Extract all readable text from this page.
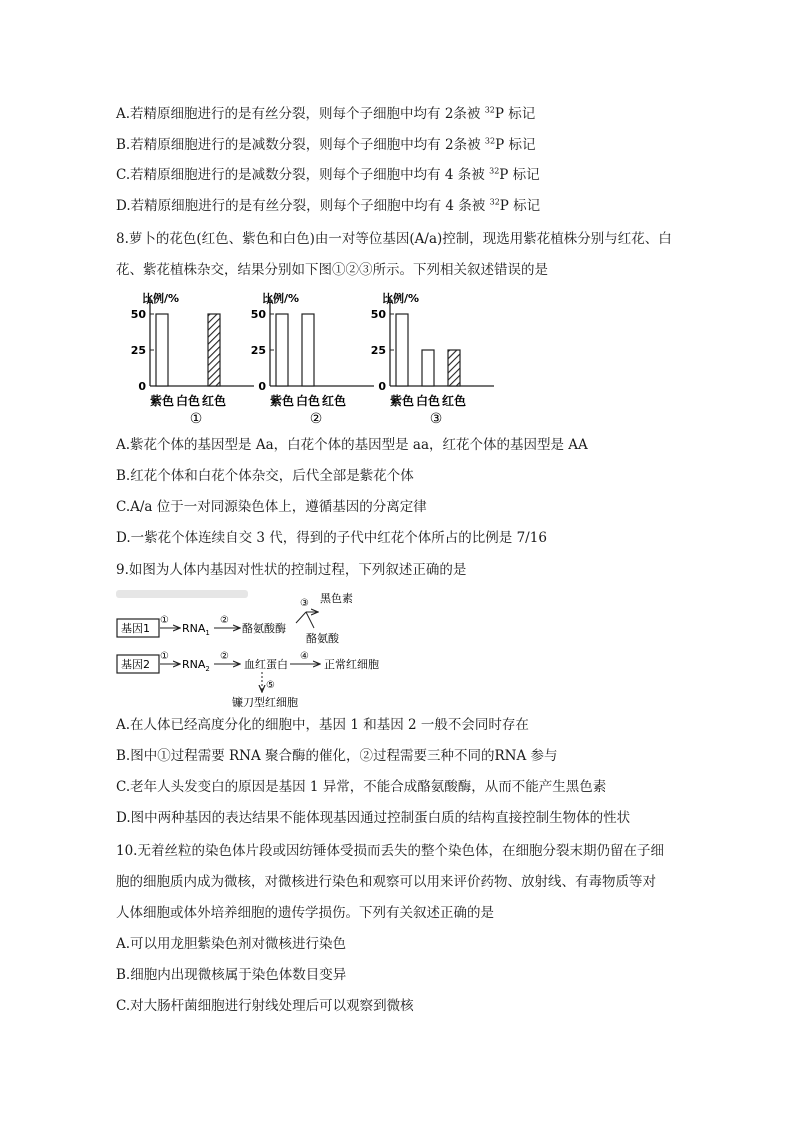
A.若精原细胞进行的是有丝分裂，则每个子细胞中均有 2条被 $^{32}$P 标记
B.若精原细胞进行的是减数分裂，则每个子细胞中均有 2条被 $^{32}$P 标记
C.若精原细胞进行的是减数分裂，则每个子细胞中均有 4 条被 $^{32}$P 标记
D.若精原细胞进行的是有丝分裂，则每个子细胞中均有 4 条被 $^{32}$P 标记
8.萝卜的花色(红色、紫色和白色)由一对等位基因(A/a)控制，现选用紫花植株分别与红花、白
花、紫花植株杂交，结果分别如下图①②③所示。下列相关叙述错误的是
比例/%
50
25
0
紫色 白色 红色
①
比例/%
50
25
0
紫色 白色 红色
②
比例/%
50
25
0
紫色 白色 红色
③
A.紫花个体的基因型是 Aa，白花个体的基因型是 aa，红花个体的基因型是 AA
B.红花个体和白花个体杂交，后代全部是紫花个体
C.A/a 位于一对同源染色体上，遵循基因的分离定律
D.一紫花个体连续自交 3 代，得到的子代中红花个体所占的比例是 7/16
9.如图为人体内基因对性状的控制过程，下列叙述正确的是
基因1
①
$RNA_1$
②
酪氨酸酶
③ 黑色素
酪氨酸
基因2
①
$RNA_2$
②
血红蛋白
④
正常红细胞
⑤
镰刀型红细胞
A.在人体已经高度分化的细胞中，基因 1 和基因 2 一般不会同时存在
B.图中①过程需要 RNA 聚合酶的催化，②过程需要三种不同的RNA 参与
C.老年人头发变白的原因是基因 1 异常，不能合成酪氨酸酶，从而不能产生黑色素
D.图中两种基因的表达结果不能体现基因通过控制蛋白质的结构直接控制生物体的性状
10.无着丝粒的染色体片段或因纺锤体受损而丢失的整个染色体，在细胞分裂末期仍留在子细
胞的细胞质内成为微核，对微核进行染色和观察可以用来评价药物、放射线、有毒物质等对
人体细胞或体外培养细胞的遗传学损伤。下列有关叙述正确的是
A.可以用龙胆紫染色剂对微核进行染色
B.细胞内出现微核属于染色体数目变异
C.对大肠杆菌细胞进行射线处理后可以观察到微核
